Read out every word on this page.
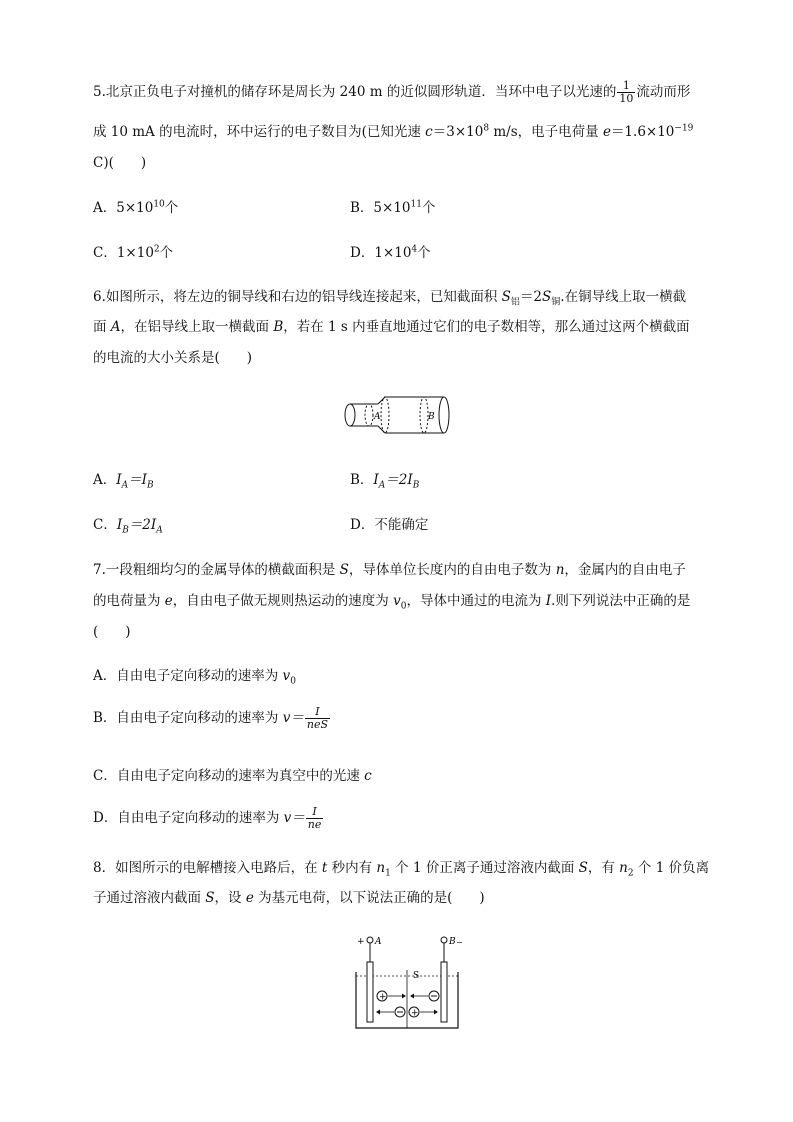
5.北京正负电子对撞机的储存环是周长为 240 m 的近似圆形轨道．当环中电子以光速的 $\frac{1}{10}$ 流动而形
成 10 mA 的电流时，环中运行的电子数目为(已知光速 $c=3\times 10^8$ m/s，电子电荷量 $e=1.6\times 10^{-19}$
C)(　　)
A．$5\times 10^{10}$个	B．$5\times 10^{11}$个
C．$1\times 10^2$个	D．$1\times 10^4$个
6.如图所示，将左边的铜导线和右边的铝导线连接起来，已知截面积 $S_铝=2S_铜$.在铜导线上取一横截
面 A，在铝导线上取一横截面 B，若在 1 s 内垂直地通过它们的电子数相等，那么通过这两个横截面
的电流的大小关系是(　　)
A	B
A．$I_A=I_B$	B．$I_A=2I_B$
C．$I_B=2I_A$	D．不能确定
7.一段粗细均匀的金属导体的横截面积是 S，导体单位长度内的自由电子数为 n，金属内的自由电子
的电荷量为 e，自由电子做无规则热运动的速度为 $v_0$，导体中通过的电流为 I.则下列说法中正确的是
(　　)
A．自由电子定向移动的速率为 $v_0$
B．自由电子定向移动的速率为 $v= \frac{I}{\text{neS}}$
C．自由电子定向移动的速率为真空中的光速 c
D．自由电子定向移动的速率为 $v= \frac{I}{ne}$
8．如图所示的电解槽接入电路后，在 t 秒内有 $n_1$ 个 1 价正离子通过溶液内截面 S，有 $n_2$ 个 1 价负离
子通过溶液内截面 S，设 e 为基元电荷，以下说法正确的是(　　)
+ A	B −
S
+
+
